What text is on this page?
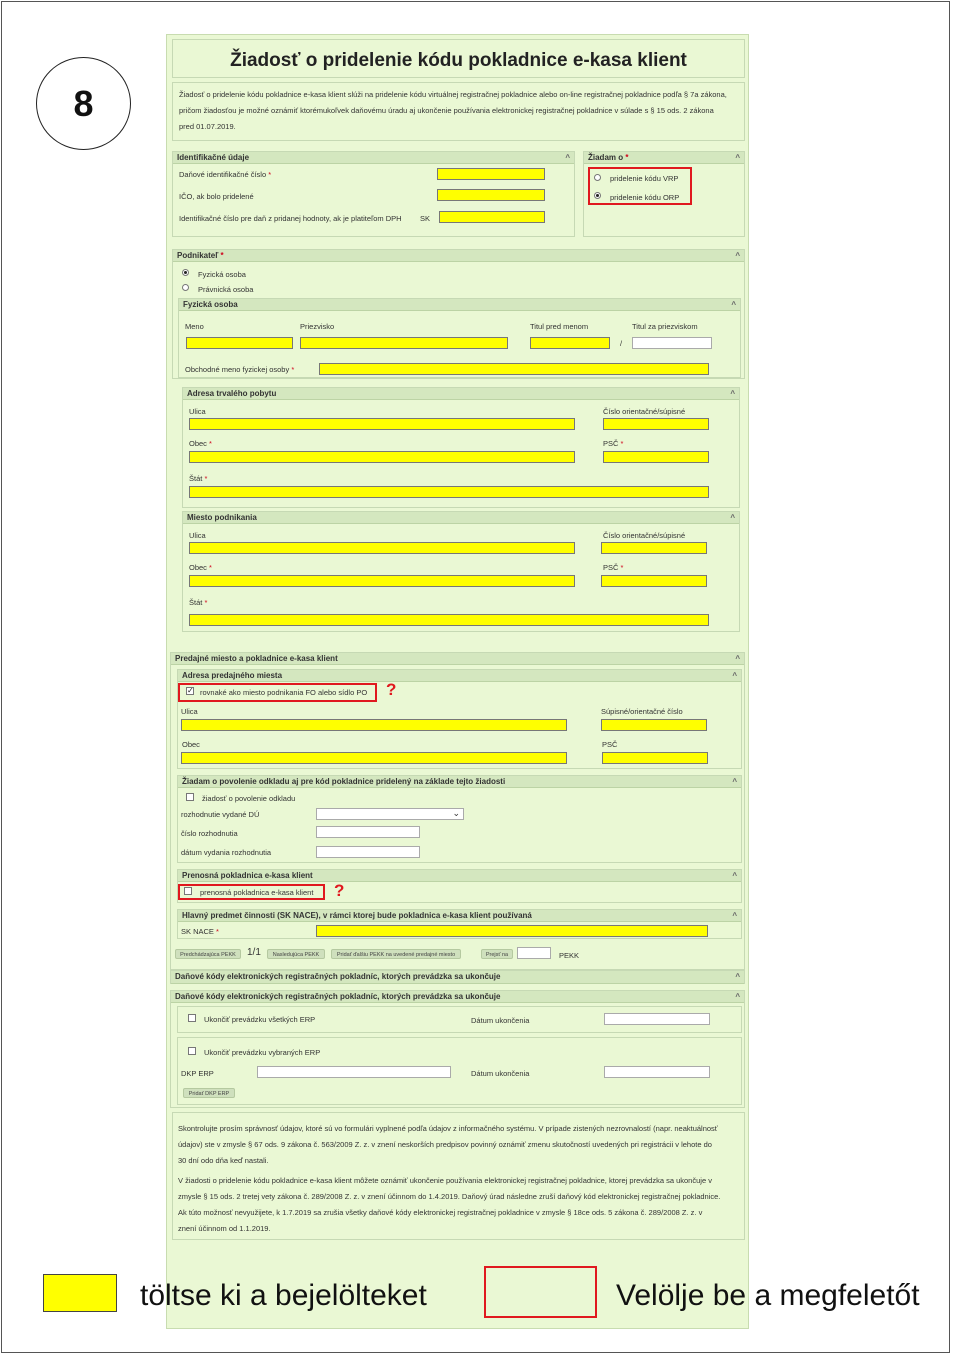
8
Žiadosť o pridelenie kódu pokladnice e-kasa klient
Žiadosť o pridelenie kódu pokladnice e-kasa klient slúži na pridelenie kódu virtuálnej registračnej pokladnice alebo on-line registračnej pokladnice podľa § 7a zákona,
pričom žiadosťou je možné oznámiť ktorémukoľvek daňovému úradu aj ukončenie používania elektronickej registračnej pokladnice v súlade s § 15 ods. 2 zákona
pred 01.07.2019.
Identifikačné údaje	^
Daňové identifikačné číslo *
IČO, ak bolo pridelené
Identifikačné číslo pre daň z pridanej hodnoty, ak je platiteľom DPH SK
Žiadam o *	^
pridelenie kódu VRP
pridelenie kódu ORP
Podnikateľ *	^
Fyzická osoba
Právnická osoba
Fyzická osoba	^
Meno	Priezvisko	Titul pred menom
/
Titul za priezviskom
Obchodné meno fyzickej osoby *
Adresa trvalého pobytu	^
Ulica	Číslo orientačné/súpisné
Obec *	PSČ *
Štát *
Miesto podnikania	^
Ulica	Číslo orientačné/súpisné
Obec *	PSČ *
Štát *
Predajné miesto a pokladnice e-kasa klient	^
Adresa predajného miesta	^
✓ rovnaké ako miesto podnikania FO alebo sídlo PO ?
Ulica	Súpisné/orientačné číslo
Obec	PSČ
Žiadam o povolenie odkladu aj pre kód pokladnice pridelený na základe tejto žiadosti	^
žiadosť o povolenie odkladu
rozhodnutie vydané DÚ	⌄
číslo rozhodnutia
dátum vydania rozhodnutia
Prenosná pokladnica e-kasa klient	^
prenosná pokladnica e-kasa klient ?
Hlavný predmet činnosti (SK NACE), v rámci ktorej bude pokladnica e-kasa klient používaná	^
SK NACE *
Predchádzajúca PEKK	1/1	Nasledujúca PEKK	Pridať ďalšiu PEKK na uvedené predajné miesto	Prejsť na	PEKK
Daňové kódy elektronických registračných pokladníc, ktorých prevádzka sa ukončuje	^
Daňové kódy elektronických registračných pokladníc, ktorých prevádzka sa ukončuje	^
Ukončiť prevádzku všetkých ERP	Dátum ukončenia
Ukončiť prevádzku vybraných ERP
DKP ERP	Dátum ukončenia
Pridať DKP ERP
Skontrolujte prosím správnosť údajov, ktoré sú vo formulári vyplnené podľa údajov z informačného systému. V prípade zistených nezrovnalostí (napr. neaktuálnosť
údajov) ste v zmysle § 67 ods. 9 zákona č. 563/2009 Z. z. v znení neskorších predpisov povinný oznámiť zmenu skutočností uvedených pri registrácii v lehote do
30 dní odo dňa keď nastali.
V žiadosti o pridelenie kódu pokladnice e-kasa klient môžete oznámiť ukončenie používania elektronickej registračnej pokladnice, ktorej prevádzka sa ukončuje v
zmysle § 15 ods. 2 tretej vety zákona č. 289/2008 Z. z. v znení účinnom do 1.4.2019. Daňový úrad následne zruší daňový kód elektronickej registračnej pokladnice.
Ak túto možnosť nevyužijete, k 1.7.2019 sa zrušia všetky daňové kódy elektronickej registračnej pokladnice v zmysle § 18ce ods. 5 zákona č. 289/2008 Z. z. v
znení účinnom od 1.1.2019.
töltse ki a bejelölteket	Velölje be a megfeletőt
